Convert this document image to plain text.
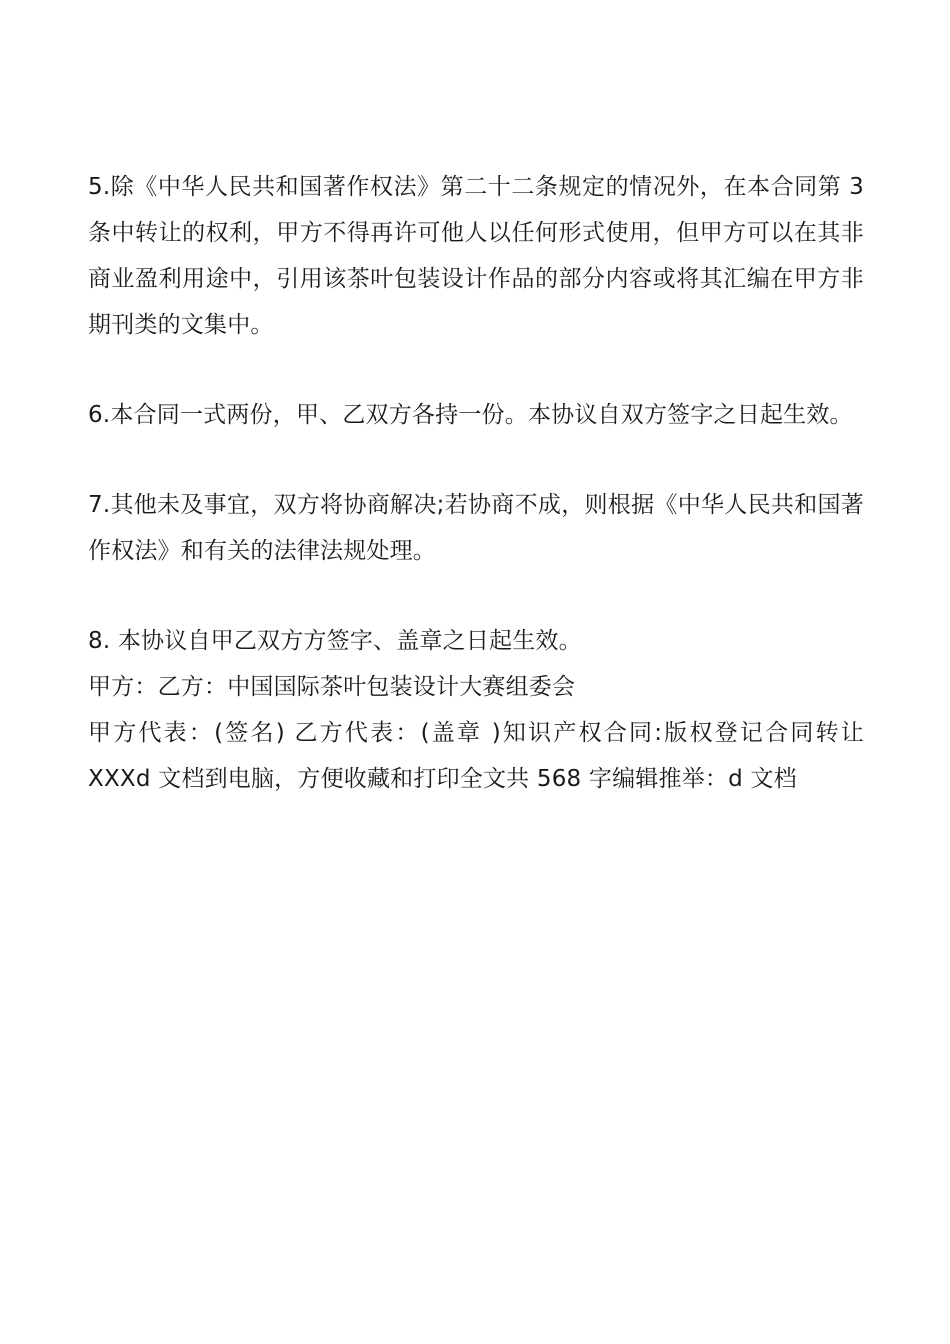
5.除《中华人民共和国著作权法》第二十二条规定的情况外，在本合同第 3 条中转让的权利，甲方不得再许可他人以任何形式使用，但甲方可以在其非商业盈利用途中，引用该茶叶包装设计作品的部分内容或将其汇编在甲方非期刊类的文集中。

6.本合同一式两份，甲、乙双方各持一份。本协议自双方签字之日起生效。

7.其他未及事宜，双方将协商解决;若协商不成，则根据《中华人民共和国著作权法》和有关的法律法规处理。

8. 本协议自甲乙双方方签字、盖章之日起生效。

甲方：乙方：中国国际茶叶包装设计大赛组委会

甲方代表：(签名) 乙方代表：(盖章 )知识产权合同:版权登记合同转让 XXXd 文档到电脑，方便收藏和打印全文共 568 字编辑推举：d 文档
